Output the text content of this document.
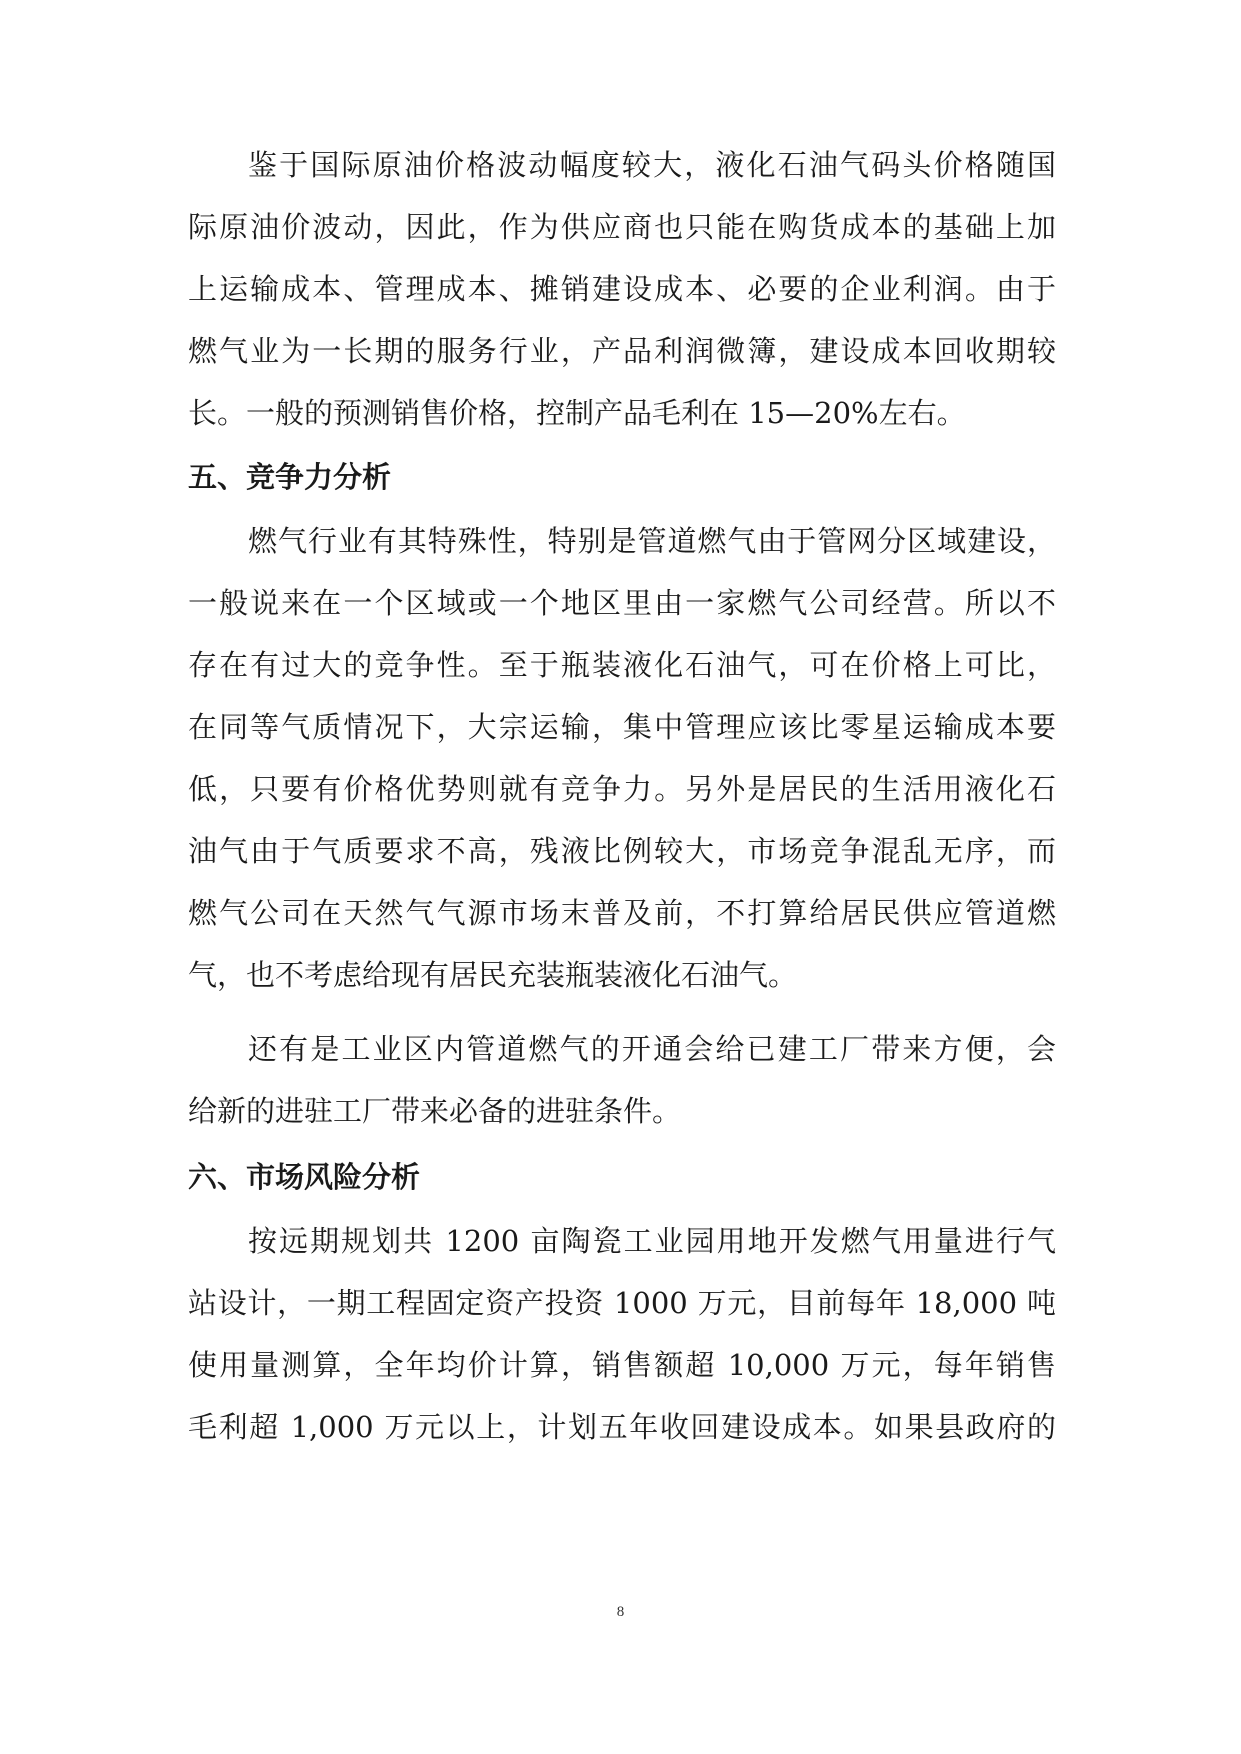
鉴于国际原油价格波动幅度较大，液化石油气码头价格随国
际原油价波动，因此，作为供应商也只能在购货成本的基础上加
上运输成本、管理成本、摊销建设成本、必要的企业利润。由于
燃气业为一长期的服务行业，产品利润微簿，建设成本回收期较
长。一般的预测销售价格，控制产品毛利在 15—20%左右。
五、竞争力分析
燃气行业有其特殊性，特别是管道燃气由于管网分区域建设，
一般说来在一个区域或一个地区里由一家燃气公司经营。所以不
存在有过大的竞争性。至于瓶装液化石油气，可在价格上可比，
在同等气质情况下，大宗运输，集中管理应该比零星运输成本要
低，只要有价格优势则就有竞争力。另外是居民的生活用液化石
油气由于气质要求不高，残液比例较大，市场竞争混乱无序，而
燃气公司在天然气气源市场末普及前，不打算给居民供应管道燃
气，也不考虑给现有居民充装瓶装液化石油气。
还有是工业区内管道燃气的开通会给已建工厂带来方便，会
给新的进驻工厂带来必备的进驻条件。
六、市场风险分析
按远期规划共 1200 亩陶瓷工业园用地开发燃气用量进行气
站设计，一期工程固定资产投资 1000 万元，目前每年 18,000 吨
使用量测算，全年均价计算，销售额超 10,000 万元，每年销售
毛利超 1,000 万元以上，计划五年收回建设成本。如果县政府的
8
